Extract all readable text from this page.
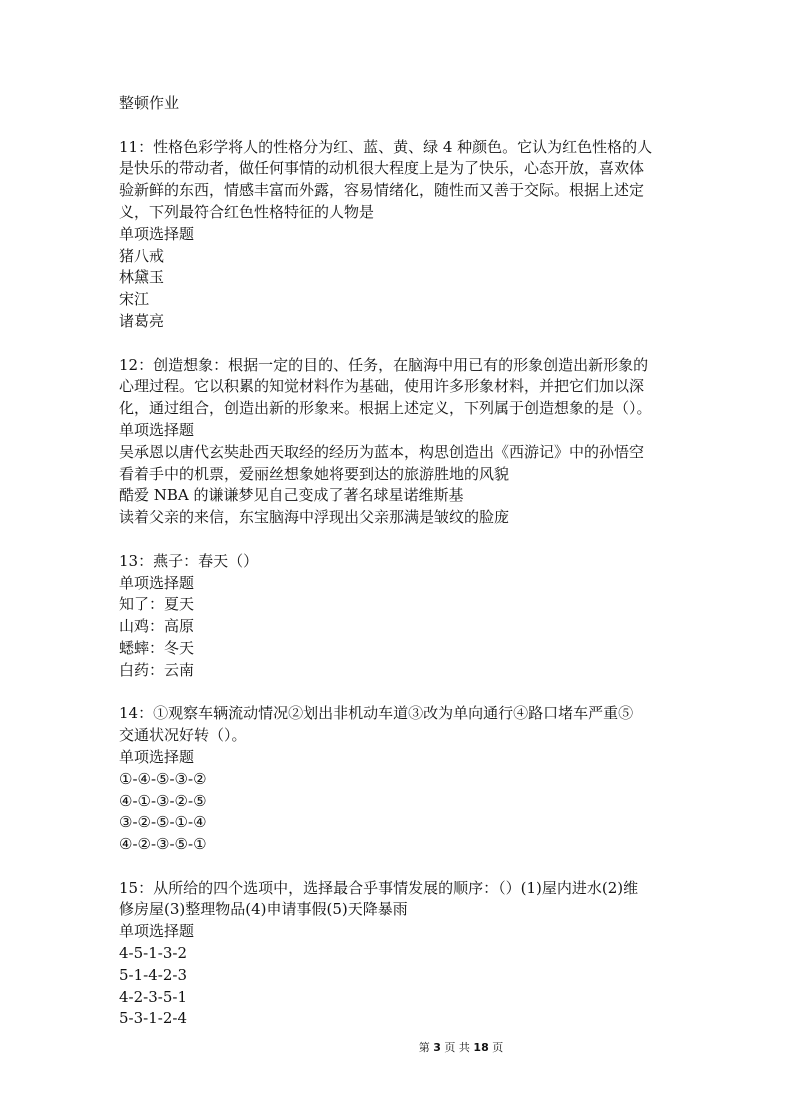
整顿作业
11：性格色彩学将人的性格分为红、蓝、黄、绿 4 种颜色。它认为红色性格的人
是快乐的带动者，做任何事情的动机很大程度上是为了快乐，心态开放，喜欢体
验新鲜的东西，情感丰富而外露，容易情绪化，随性而又善于交际。根据上述定
义，下列最符合红色性格特征的人物是
单项选择题
猪八戒
林黛玉
宋江
诸葛亮
12：创造想象：根据一定的目的、任务，在脑海中用已有的形象创造出新形象的
心理过程。它以积累的知觉材料作为基础，使用许多形象材料，并把它们加以深
化，通过组合，创造出新的形象来。根据上述定义，下列属于创造想象的是（）。
单项选择题
吴承恩以唐代玄奘赴西天取经的经历为蓝本，构思创造出《西游记》中的孙悟空
看着手中的机票，爱丽丝想象她将要到达的旅游胜地的风貌
酷爱 NBA 的谦谦梦见自己变成了著名球星诺维斯基
读着父亲的来信，东宝脑海中浮现出父亲那满是皱纹的脸庞
13：燕子：春天（）
单项选择题
知了：夏天
山鸡：高原
蟋蟀：冬天
白药：云南
14：①观察车辆流动情况②划出非机动车道③改为单向通行④路口堵车严重⑤
交通状况好转（）。
单项选择题
①-④-⑤-③-②
④-①-③-②-⑤
③-②-⑤-①-④
④-②-③-⑤-①
15：从所给的四个选项中，选择最合乎事情发展的顺序：（）(1)屋内进水(2)维
修房屋(3)整理物品(4)申请事假(5)天降暴雨
单项选择题
4-5-1-3-2
5-1-4-2-3
4-2-3-5-1
5-3-1-2-4
第 3 页 共 18 页
